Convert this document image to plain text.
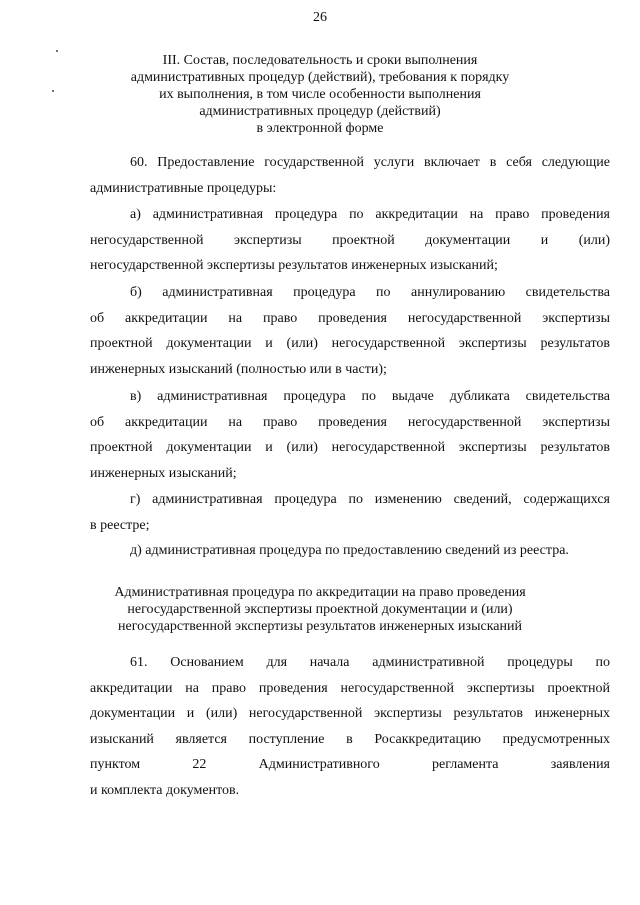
26
III. Состав, последовательность и сроки выполнения
административных процедур (действий), требования к порядку
их выполнения, в том числе особенности выполнения
административных процедур (действий)
в электронной форме
60. Предоставление государственной услуги включает в себя следующие
административные процедуры:
а) административная процедура по аккредитации на право проведения
негосударственной экспертизы проектной документации и (или)
негосударственной экспертизы результатов инженерных изысканий;
б) административная процедура по аннулированию свидетельства
об аккредитации на право проведения негосударственной экспертизы
проектной документации и (или) негосударственной экспертизы результатов
инженерных изысканий (полностью или в части);
в) административная процедура по выдаче дубликата свидетельства
об аккредитации на право проведения негосударственной экспертизы
проектной документации и (или) негосударственной экспертизы результатов
инженерных изысканий;
г) административная процедура по изменению сведений, содержащихся
в реестре;
д) административная процедура по предоставлению сведений из реестра.
Административная процедура по аккредитации на право проведения
негосударственной экспертизы проектной документации и (или)
негосударственной экспертизы результатов инженерных изысканий
61. Основанием для начала административной процедуры по
аккредитации на право проведения негосударственной экспертизы проектной
документации и (или) негосударственной экспертизы результатов инженерных
изысканий является поступление в Росаккредитацию предусмотренных
пунктом 22 Административного регламента заявления
и комплекта документов.
